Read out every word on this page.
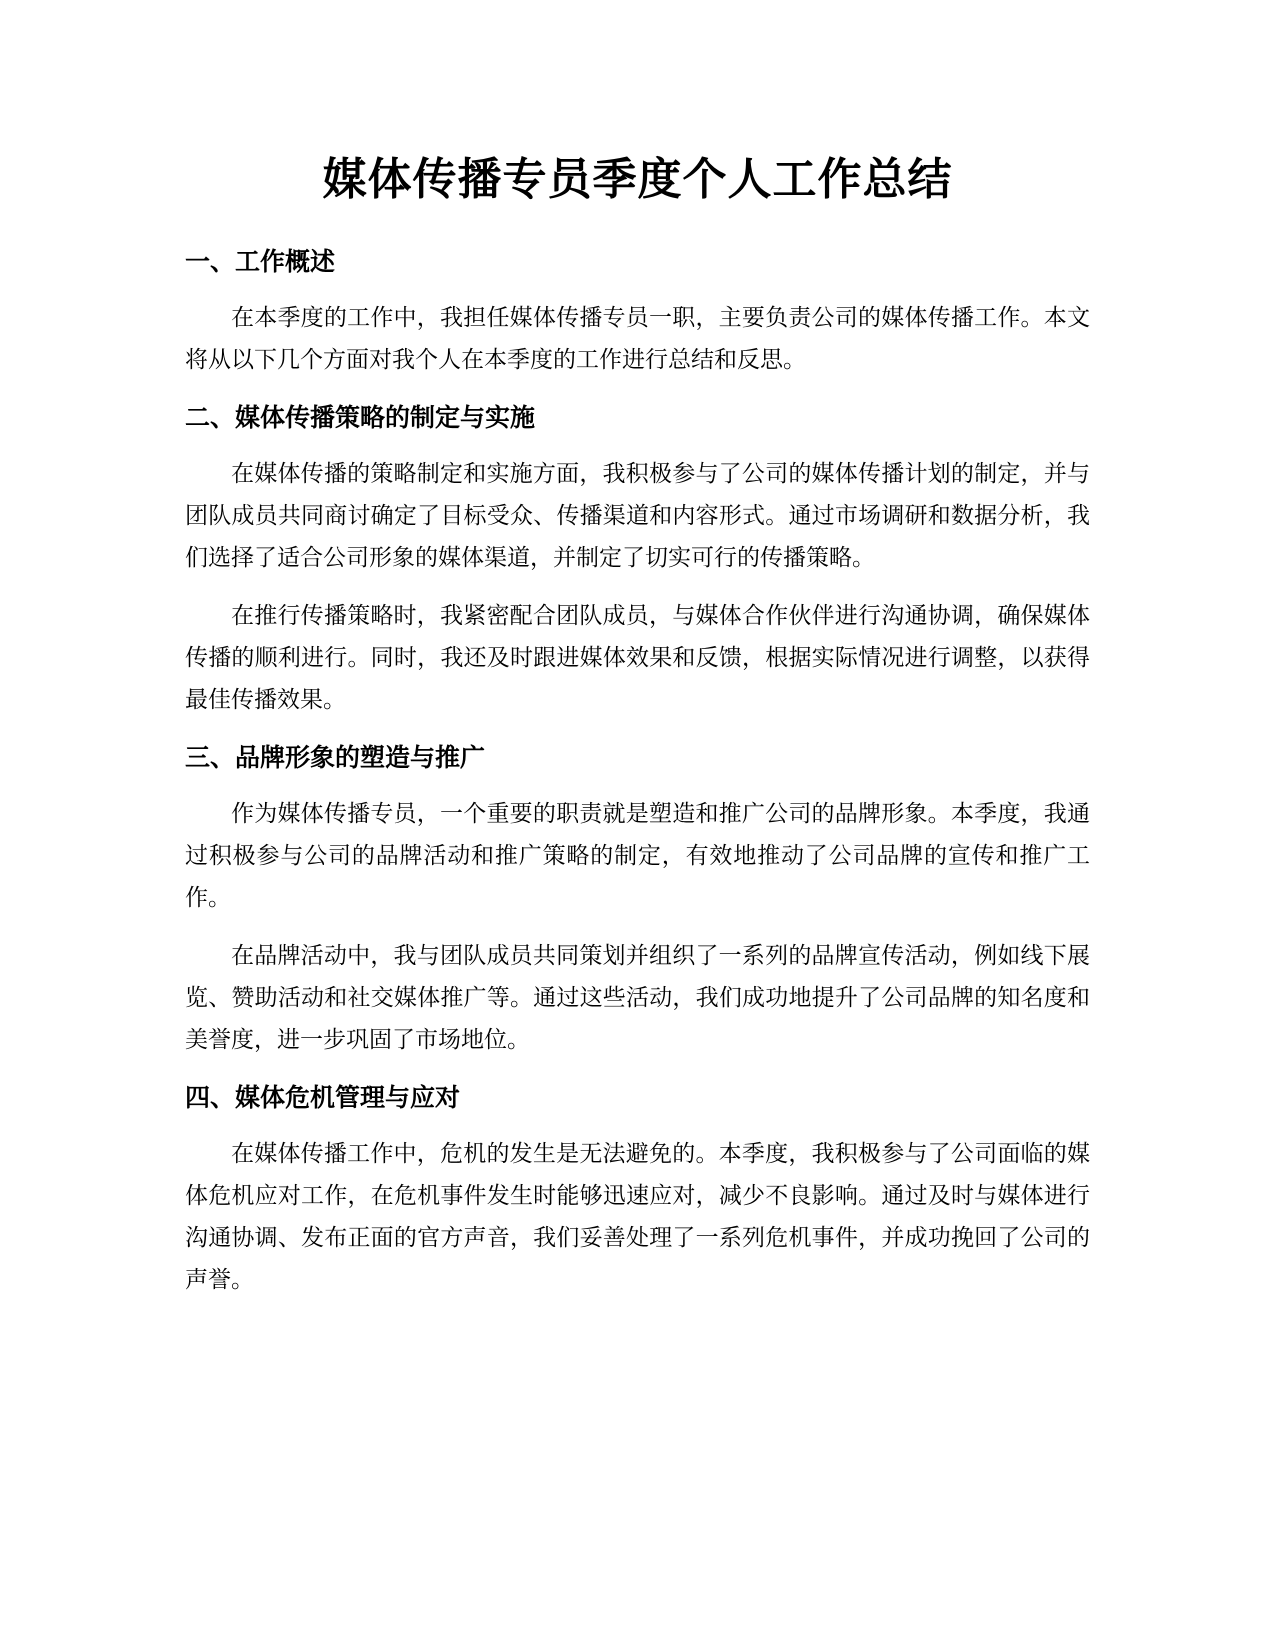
媒体传播专员季度个人工作总结
一、工作概述

在本季度的工作中，我担任媒体传播专员一职，主要负责公司的媒体传播工作。本文将从以下几个方面对我个人在本季度的工作进行总结和反思。

二、媒体传播策略的制定与实施

在媒体传播的策略制定和实施方面，我积极参与了公司的媒体传播计划的制定，并与团队成员共同商讨确定了目标受众、传播渠道和内容形式。通过市场调研和数据分析，我们选择了适合公司形象的媒体渠道，并制定了切实可行的传播策略。

在推行传播策略时，我紧密配合团队成员，与媒体合作伙伴进行沟通协调，确保媒体传播的顺利进行。同时，我还及时跟进媒体效果和反馈，根据实际情况进行调整，以获得最佳传播效果。

三、品牌形象的塑造与推广

作为媒体传播专员，一个重要的职责就是塑造和推广公司的品牌形象。本季度，我通过积极参与公司的品牌活动和推广策略的制定，有效地推动了公司品牌的宣传和推广工作。

在品牌活动中，我与团队成员共同策划并组织了一系列的品牌宣传活动，例如线下展览、赞助活动和社交媒体推广等。通过这些活动，我们成功地提升了公司品牌的知名度和美誉度，进一步巩固了市场地位。

四、媒体危机管理与应对

在媒体传播工作中，危机的发生是无法避免的。本季度，我积极参与了公司面临的媒体危机应对工作，在危机事件发生时能够迅速应对，减少不良影响。通过及时与媒体进行沟通协调、发布正面的官方声音，我们妥善处理了一系列危机事件，并成功挽回了公司的声誉。
